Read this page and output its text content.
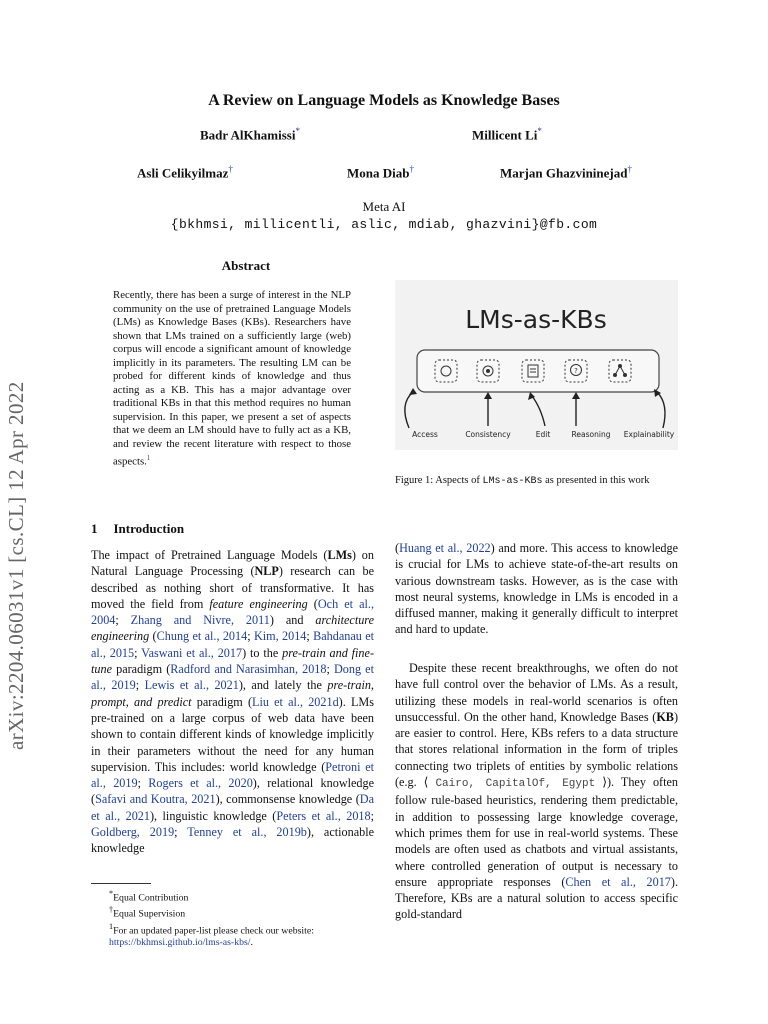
arXiv:2204.06031v1 [cs.CL] 12 Apr 2022
A Review on Language Models as Knowledge Bases
Badr AlKhamissi*	Millicent Li*
Asli Celikyilmaz†	Mona Diab†	Marjan Ghazvininejad†
Meta AI
{bkhmsi, millicentli, aslic, mdiab, ghazvini}@fb.com
Abstract
Recently, there has been a surge of interest in the NLP community on the use of pretrained Language Models (LMs) as Knowledge Bases (KBs). Researchers have shown that LMs trained on a sufficiently large (web) corpus will encode a significant amount of knowledge implicitly in its parameters. The resulting LM can be probed for different kinds of knowledge and thus acting as a KB. This has a major advantage over traditional KBs in that this method requires no human supervision. In this paper, we present a set of aspects that we deem an LM should have to fully act as a KB, and review the recent literature with respect to those aspects.$^1$
1 Introduction
The impact of Pretrained Language Models (LMs) on Natural Language Processing (NLP) research can be described as nothing short of transformative. It has moved the field from feature engineering (Och et al., 2004; Zhang and Nivre, 2011) and architecture engineering (Chung et al., 2014; Kim, 2014; Bahdanau et al., 2015; Vaswani et al., 2017) to the pre-train and fine-tune paradigm (Radford and Narasimhan, 2018; Dong et al., 2019; Lewis et al., 2021), and lately the pre-train, prompt, and predict paradigm (Liu et al., 2021d). LMs pre-trained on a large corpus of web data have been shown to contain different kinds of knowledge implicitly in their parameters without the need for any human supervision. This includes: world knowledge (Petroni et al., 2019; Rogers et al., 2020), relational knowledge (Safavi and Koutra, 2021), commonsense knowledge (Da et al., 2021), linguistic knowledge (Peters et al., 2018; Goldberg, 2019; Tenney et al., 2019b), actionable knowledge
*Equal Contribution
†Equal Supervision
$^1$For an updated paper-list please check our website: https://bkhmsi.github.io/lms-as-kbs/.
LMs-as-KBs
?
Access	Consistency	Edit	Reasoning Explainability
Figure 1: Aspects of LMs-as-KBs as presented in this work
(Huang et al., 2022) and more. This access to knowledge is crucial for LMs to achieve state-of-the-art results on various downstream tasks. However, as is the case with most neural systems, knowledge in LMs is encoded in a diffused manner, making it generally difficult to interpret and hard to update.
Despite these recent breakthroughs, we often do not have full control over the behavior of LMs. As a result, utilizing these models in real-world scenarios is often unsuccessful. On the other hand, Knowledge Bases (KB) are easier to control. Here, KBs refers to a data structure that stores relational information in the form of triples connecting two triplets of entities by symbolic relations (e.g. ⟨ Cairo, CapitalOf, Egypt ⟩). They often follow rule-based heuristics, rendering them predictable, in addition to possessing large knowledge coverage, which primes them for use in real-world systems. These models are often used as chatbots and virtual assistants, where controlled generation of output is necessary to ensure appropriate responses (Chen et al., 2017). Therefore, KBs are a natural solution to access specific gold-standard
